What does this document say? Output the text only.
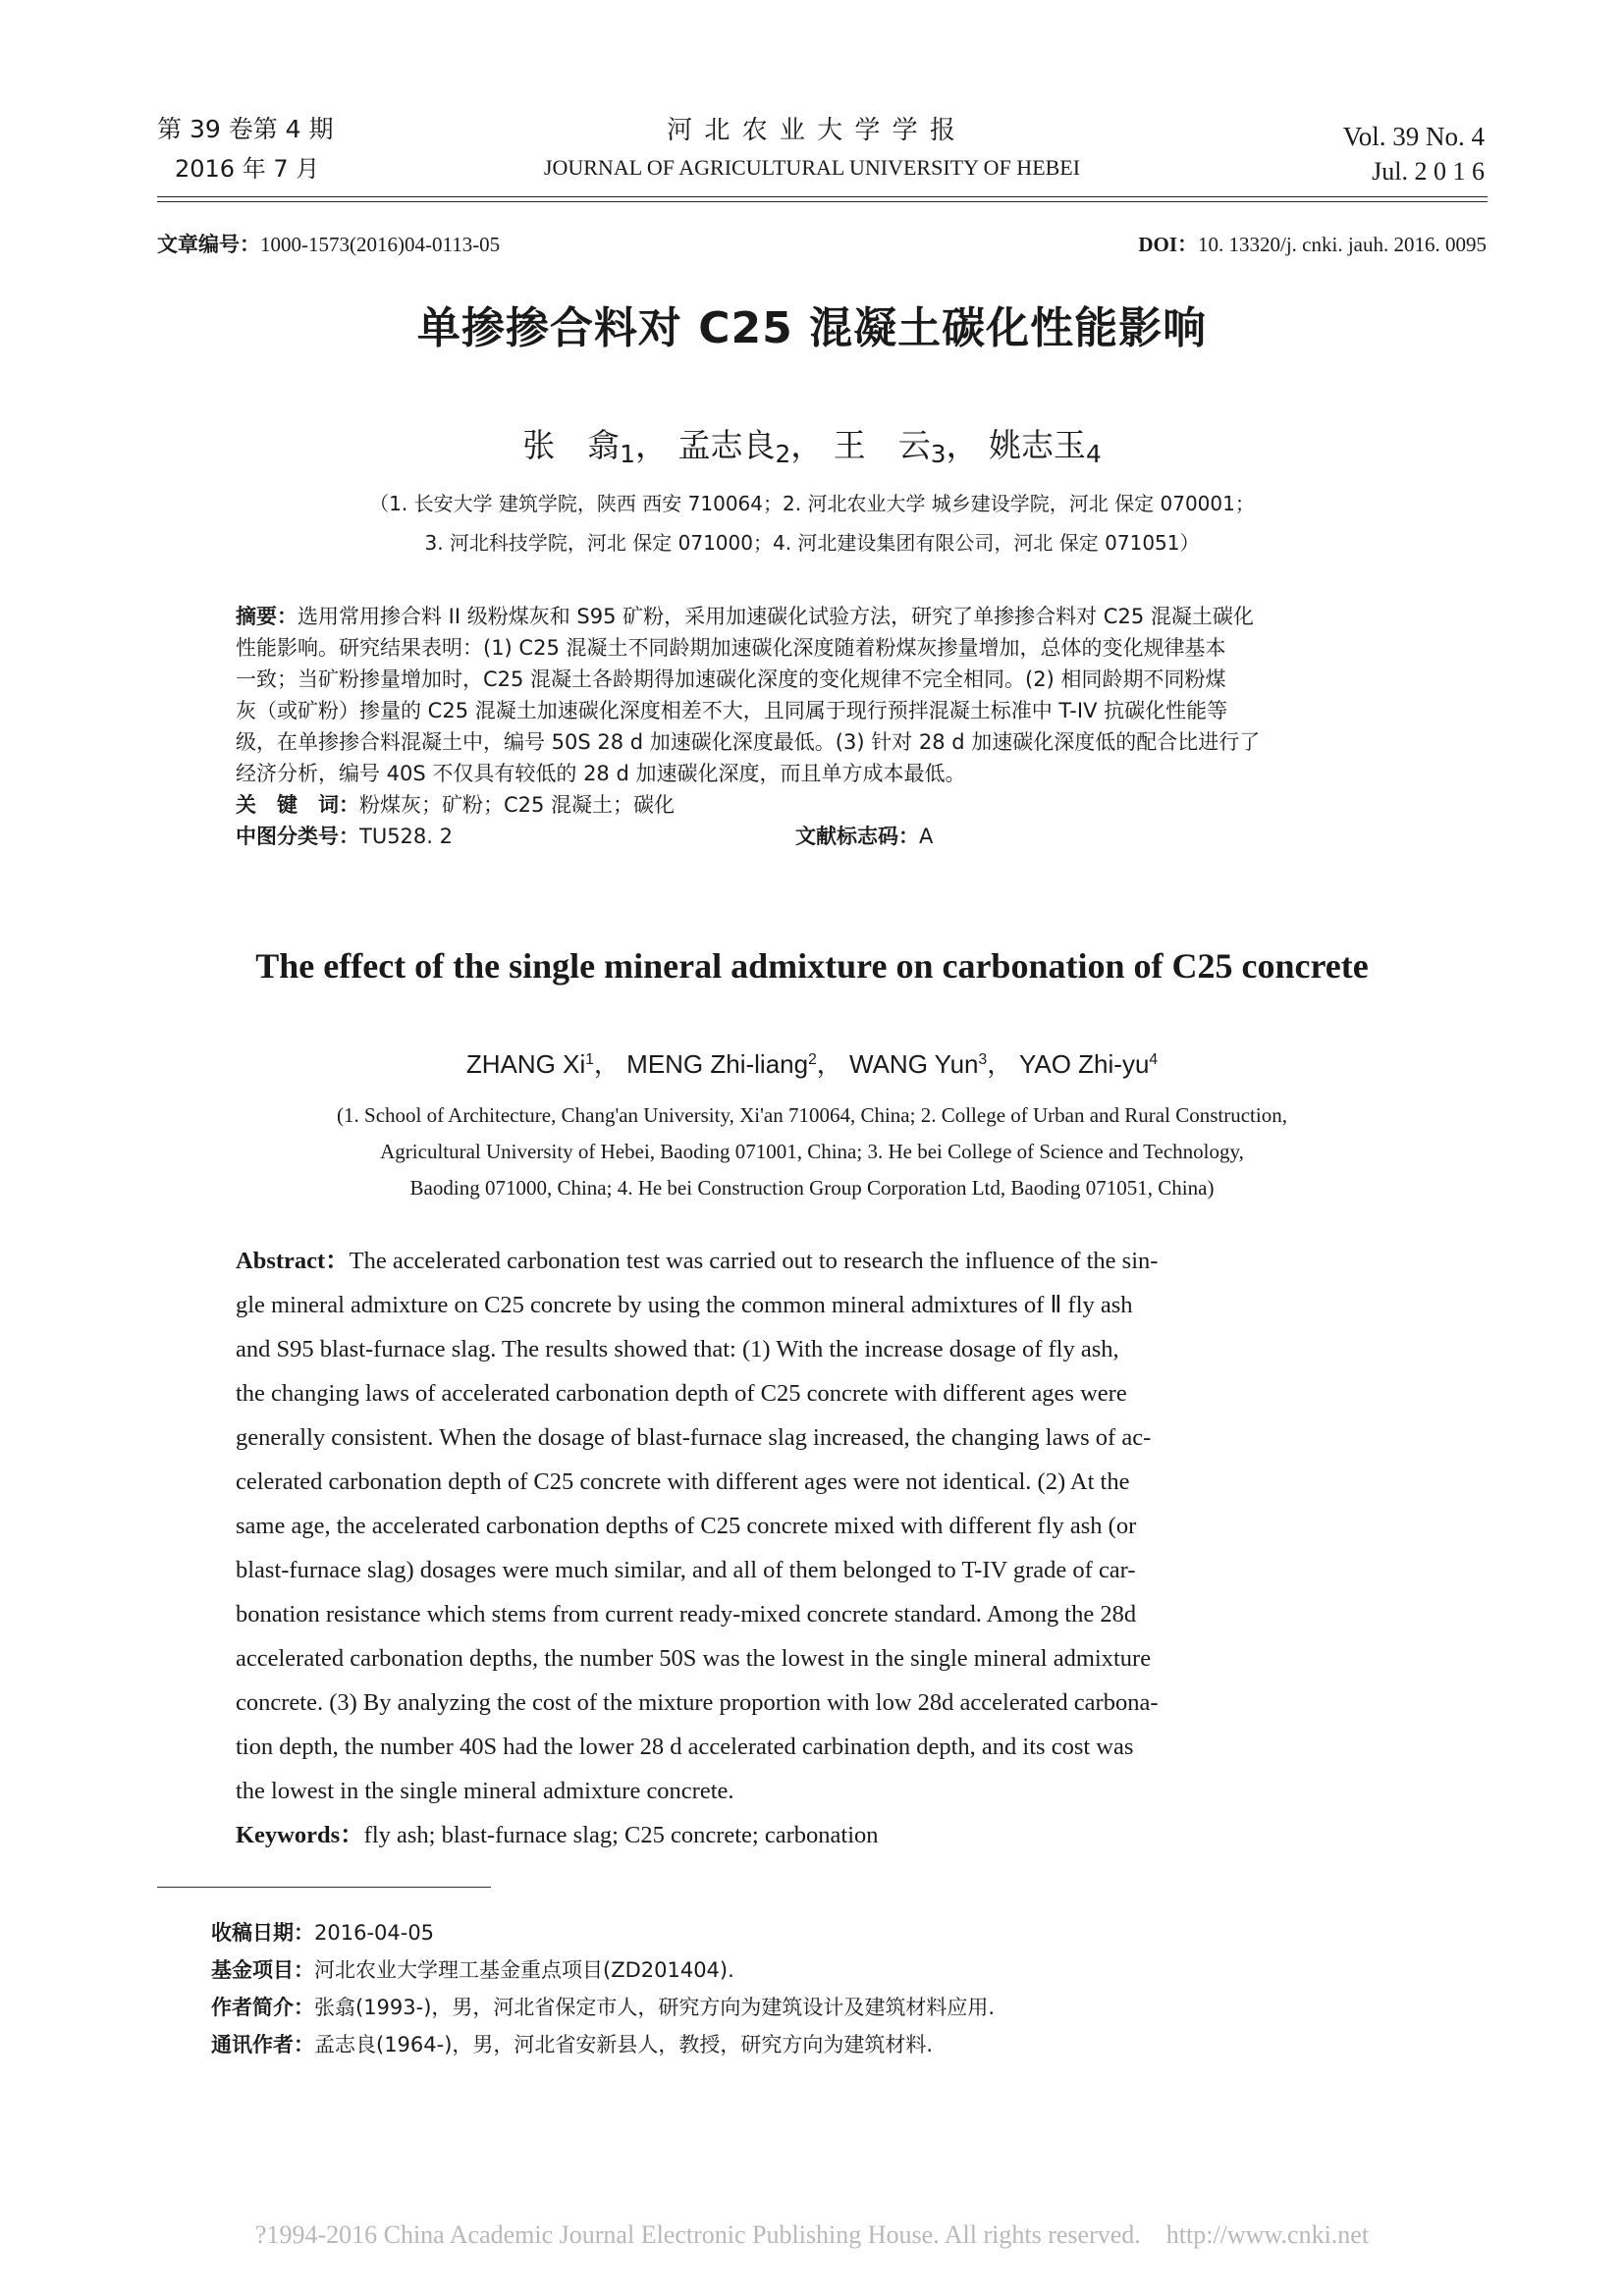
第 39 卷第 4 期
2016 年 7 月
河 北 农 业 大 学 学 报
JOURNAL OF AGRICULTURAL UNIVERSITY OF HEBEI
Vol. 39 No. 4
Jul. 2 0 1 6
文章编号：1000-1573(2016)04-0113-05	DOI：10. 13320/j. cnki. jauh. 2016. 0095
单掺掺合料对 C25 混凝土碳化性能影响
张　翕1， 孟志良2， 王　云3， 姚志玉4
（1. 长安大学 建筑学院，陕西 西安 710064；2. 河北农业大学 城乡建设学院，河北 保定 070001；
3. 河北科技学院，河北 保定 071000；4. 河北建设集团有限公司，河北 保定 071051）
摘要：选用常用掺合料 II 级粉煤灰和 S95 矿粉，采用加速碳化试验方法，研究了单掺掺合料对 C25 混凝土碳化
性能影响。研究结果表明：(1) C25 混凝土不同龄期加速碳化深度随着粉煤灰掺量增加，总体的变化规律基本
一致；当矿粉掺量增加时，C25 混凝土各龄期得加速碳化深度的变化规律不完全相同。(2) 相同龄期不同粉煤
灰（或矿粉）掺量的 C25 混凝土加速碳化深度相差不大，且同属于现行预拌混凝土标准中 T-IV 抗碳化性能等
级，在单掺掺合料混凝土中，编号 50S 28 d 加速碳化深度最低。(3) 针对 28 d 加速碳化深度低的配合比进行了
经济分析，编号 40S 不仅具有较低的 28 d 加速碳化深度，而且单方成本最低。
关　键　词：粉煤灰；矿粉；C25 混凝土；碳化
中图分类号：TU528. 2	文献标志码：A
The effect of the single mineral admixture on carbonation of C25 concrete
ZHANG Xi$^1$， MENG Zhi-liang$^2$， WANG Yun$^3$， YAO Zhi-$yu^4$
(1. School of Architecture, Chang'an University, Xi'an 710064, China; 2. College of Urban and Rural Construction,
Agricultural University of Hebei, Baoding 071001, China; 3. He bei College of Science and Technology,
Baoding 071000, China; 4. He bei Construction Group Corporation Ltd, Baoding 071051, China)
Abstract：The accelerated carbonation test was carried out to research the influence of the sin-
gle mineral admixture on C25 concrete by using the common mineral admixtures of Ⅱ fly ash
and S95 blast-furnace slag. The results showed that: (1) With the increase dosage of fly ash,
the changing laws of accelerated carbonation depth of C25 concrete with different ages were
generally consistent. When the dosage of blast-furnace slag increased, the changing laws of ac-
celerated carbonation depth of C25 concrete with different ages were not identical. (2) At the
same age, the accelerated carbonation depths of C25 concrete mixed with different fly ash (or
blast-furnace slag) dosages were much similar, and all of them belonged to T-IV grade of car-
bonation resistance which stems from current ready-mixed concrete standard. Among the 28d
accelerated carbonation depths, the number 50S was the lowest in the single mineral admixture
concrete. (3) By analyzing the cost of the mixture proportion with low 28d accelerated carbona-
tion depth, the number 40S had the lower 28 d accelerated carbination depth, and its cost was
the lowest in the single mineral admixture concrete.
Keywords：fly ash; blast-furnace slag; C25 concrete; carbonation
收稿日期：2016-04-05
基金项目：河北农业大学理工基金重点项目(ZD201404).
作者简介：张翕(1993-)，男，河北省保定市人，研究方向为建筑设计及建筑材料应用.
通讯作者：孟志良(1964-)，男，河北省安新县人，教授，研究方向为建筑材料.
?1994-2016 China Academic Journal Electronic Publishing House. All rights reserved. http://www.cnki.net
